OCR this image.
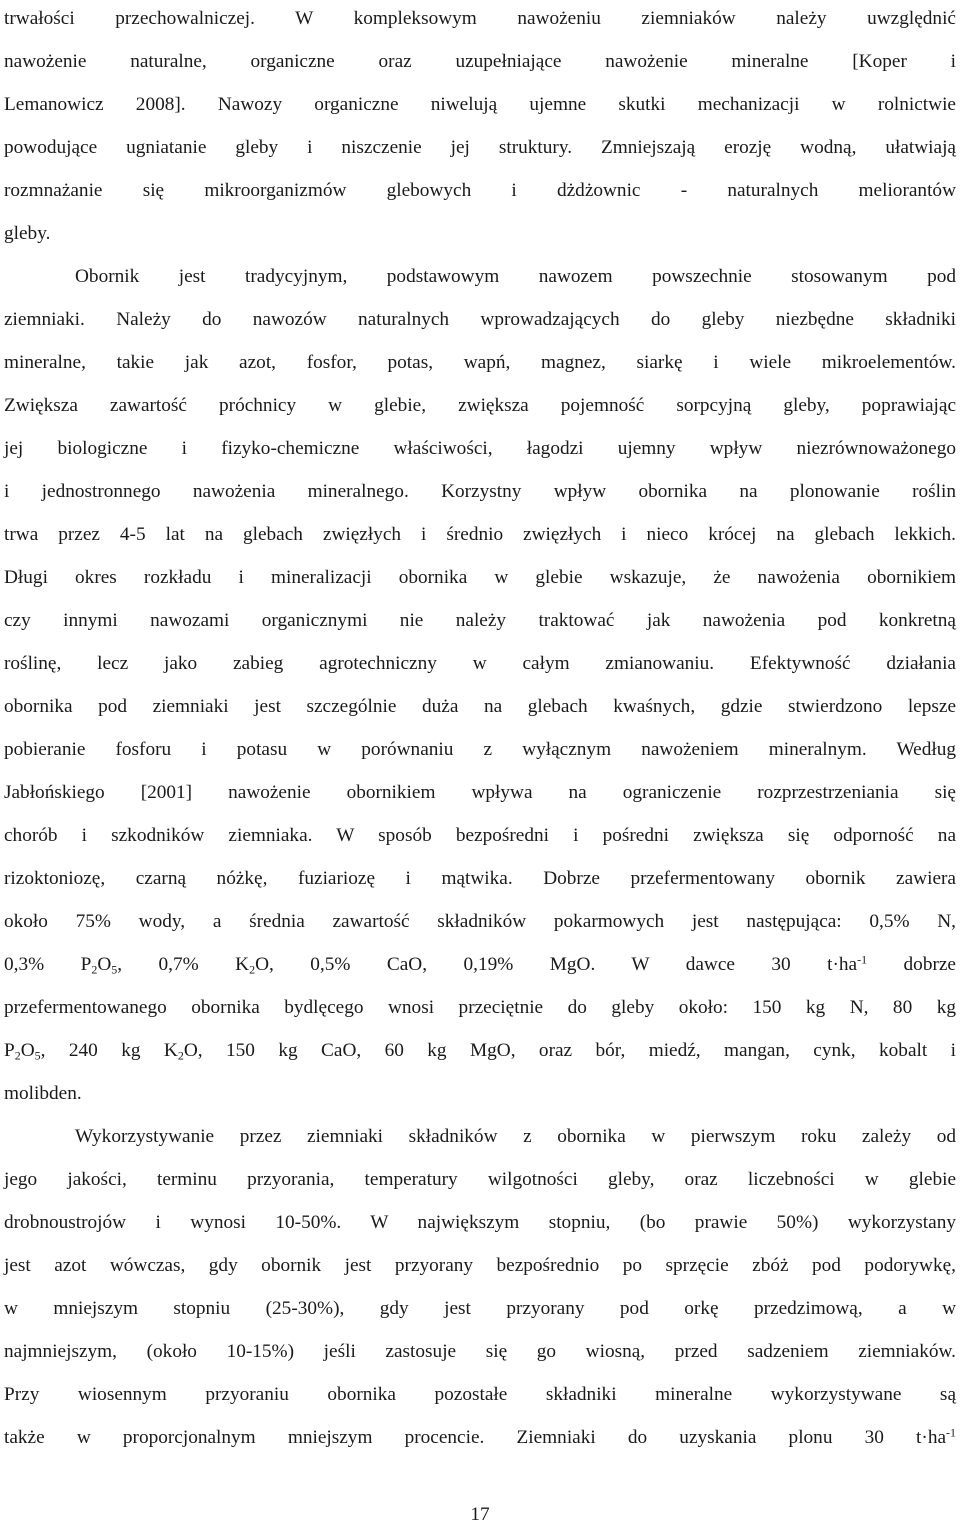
trwałości przechowalniczej. W kompleksowym nawożeniu ziemniaków należy uwzględnić
nawożenie naturalne, organiczne oraz uzupełniające nawożenie mineralne [Koper i
Lemanowicz 2008]. Nawozy organiczne niwelują ujemne skutki mechanizacji w rolnictwie
powodujące ugniatanie gleby i niszczenie jej struktury. Zmniejszają erozję wodną, ułatwiają
rozmnażanie się mikroorganizmów glebowych i dżdżownic - naturalnych meliorantów
gleby.
Obornik jest tradycyjnym, podstawowym nawozem powszechnie stosowanym pod
ziemniaki. Należy do nawozów naturalnych wprowadzających do gleby niezbędne składniki
mineralne, takie jak azot, fosfor, potas, wapń, magnez, siarkę i wiele mikroelementów.
Zwiększa zawartość próchnicy w glebie, zwiększa pojemność sorpcyjną gleby, poprawiając
jej biologiczne i fizyko-chemiczne właściwości, łagodzi ujemny wpływ niezrównoważonego
i jednostronnego nawożenia mineralnego. Korzystny wpływ obornika na plonowanie roślin
trwa przez 4-5 lat na glebach zwięzłych i średnio zwięzłych i nieco krócej na glebach lekkich.
Długi okres rozkładu i mineralizacji obornika w glebie wskazuje, że nawożenia obornikiem
czy innymi nawozami organicznymi nie należy traktować jak nawożenia pod konkretną
roślinę, lecz jako zabieg agrotechniczny w całym zmianowaniu. Efektywność działania
obornika pod ziemniaki jest szczególnie duża na glebach kwaśnych, gdzie stwierdzono lepsze
pobieranie fosforu i potasu w porównaniu z wyłącznym nawożeniem mineralnym. Według
Jabłońskiego [2001] nawożenie obornikiem wpływa na ograniczenie rozprzestrzeniania się
chorób i szkodników ziemniaka. W sposób bezpośredni i pośredni zwiększa się odporność na
rizoktoniozę, czarną nóżkę, fuziariozę i mątwika. Dobrze przefermentowany obornik zawiera
około 75% wody, a średnia zawartość składników pokarmowych jest następująca: 0,5% N,
0,3% $P_2O_5$, 0,7% $K_2O$, 0,5% CaO, 0,19% MgO. W dawce 30 $t\cdot ha^{-1}$ dobrze
przefermentowanego obornika bydlęcego wnosi przeciętnie do gleby około: 150 kg N, 80 kg
$P_2O_5$, 240 kg $K_2O$, 150 kg CaO, 60 kg MgO, oraz bór, miedź, mangan, cynk, kobalt i
molibden.
Wykorzystywanie przez ziemniaki składników z obornika w pierwszym roku zależy od
jego jakości, terminu przyorania, temperatury wilgotności gleby, oraz liczebności w glebie
drobnoustrojów i wynosi 10-50%. W największym stopniu, (bo prawie 50%) wykorzystany
jest azot wówczas, gdy obornik jest przyorany bezpośrednio po sprzęcie zbóż pod podorywkę,
w mniejszym stopniu (25-30%), gdy jest przyorany pod orkę przedzimową, a w
najmniejszym, (około 10-15%) jeśli zastosuje się go wiosną, przed sadzeniem ziemniaków.
Przy wiosennym przyoraniu obornika pozostałe składniki mineralne wykorzystywane są
także w proporcjonalnym mniejszym procencie. Ziemniaki do uzyskania plonu 30 $t\cdot ha^{-1}$
17
